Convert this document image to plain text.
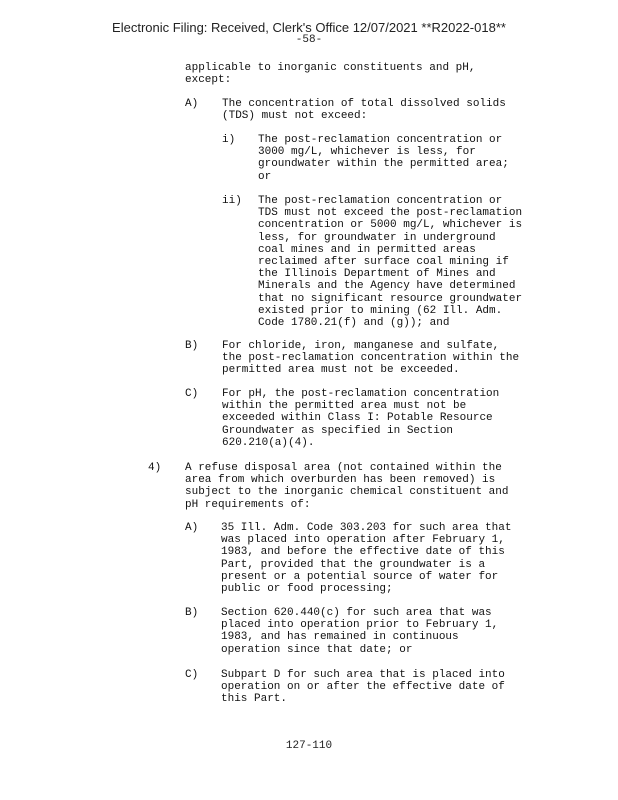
Electronic Filing: Received, Clerk's Office 12/07/2021 **R2022-018**
-58-
applicable to inorganic constituents and pH,
except:
A) The concentration of total dissolved solids
(TDS) must not exceed:
i) The post-reclamation concentration or
3000 mg/L, whichever is less, for
groundwater within the permitted area;
or
ii) The post-reclamation concentration or
TDS must not exceed the post-reclamation
concentration or 5000 mg/L, whichever is
less, for groundwater in underground
coal mines and in permitted areas
reclaimed after surface coal mining if
the Illinois Department of Mines and
Minerals and the Agency have determined
that no significant resource groundwater
existed prior to mining (62 Ill. Adm.
Code 1780.21(f) and (g)); and
B) For chloride, iron, manganese and sulfate,
the post-reclamation concentration within the
permitted area must not be exceeded.
C) For pH, the post-reclamation concentration
within the permitted area must not be
exceeded within Class I: Potable Resource
Groundwater as specified in Section
620.210(a)(4).
4) A refuse disposal area (not contained within the
area from which overburden has been removed) is
subject to the inorganic chemical constituent and
pH requirements of:
A) 35 Ill. Adm. Code 303.203 for such area that
was placed into operation after February 1,
1983, and before the effective date of this
Part, provided that the groundwater is a
present or a potential source of water for
public or food processing;
B) Section 620.440(c) for such area that was
placed into operation prior to February 1,
1983, and has remained in continuous
operation since that date; or
C) Subpart D for such area that is placed into
operation on or after the effective date of
this Part.
127-110
